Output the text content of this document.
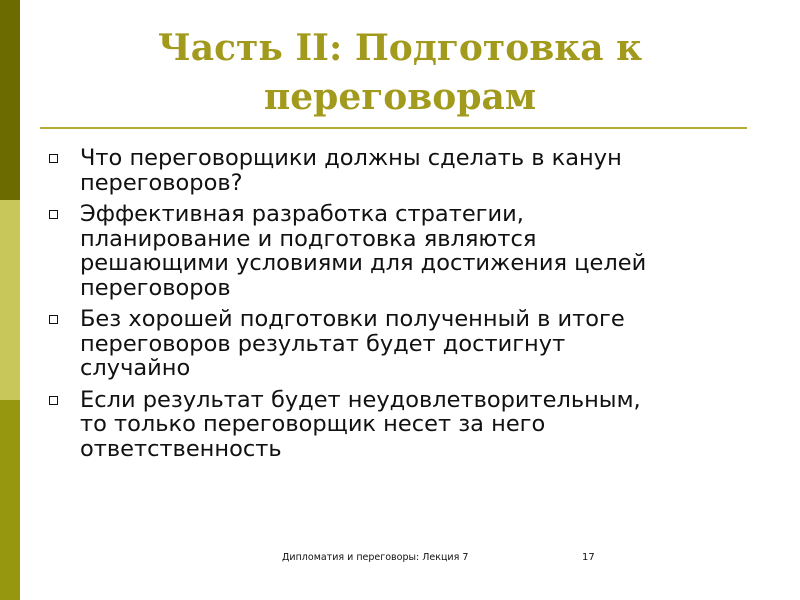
Часть II: Подготовка к
переговорам
Что переговорщики должны сделать в канун
переговоров?
Эффективная разработка стратегии,
планирование и подготовка являются
решающими условиями для достижения целей
переговоров
Без хорошей подготовки полученный в итоге
переговоров результат будет достигнут
случайно
Если результат будет неудовлетворительным,
то только переговорщик несет за него
ответственность
Дипломатия и переговоры: Лекция 7	17
